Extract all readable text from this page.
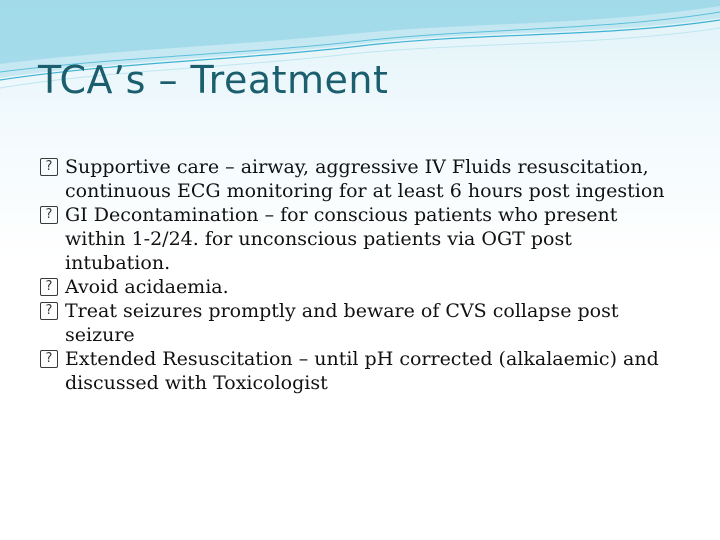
TCA’s – Treatment
? Supportive care – airway, aggressive IV Fluids resuscitation, continuous ECG monitoring for at least 6 hours post ingestion
? GI Decontamination – for conscious patients who present within 1-2/24. for unconscious patients via OGT post intubation.
? Avoid acidaemia.
? Treat seizures promptly and beware of CVS collapse post seizure
? Extended Resuscitation – until pH corrected (alkalaemic) and discussed with Toxicologist
